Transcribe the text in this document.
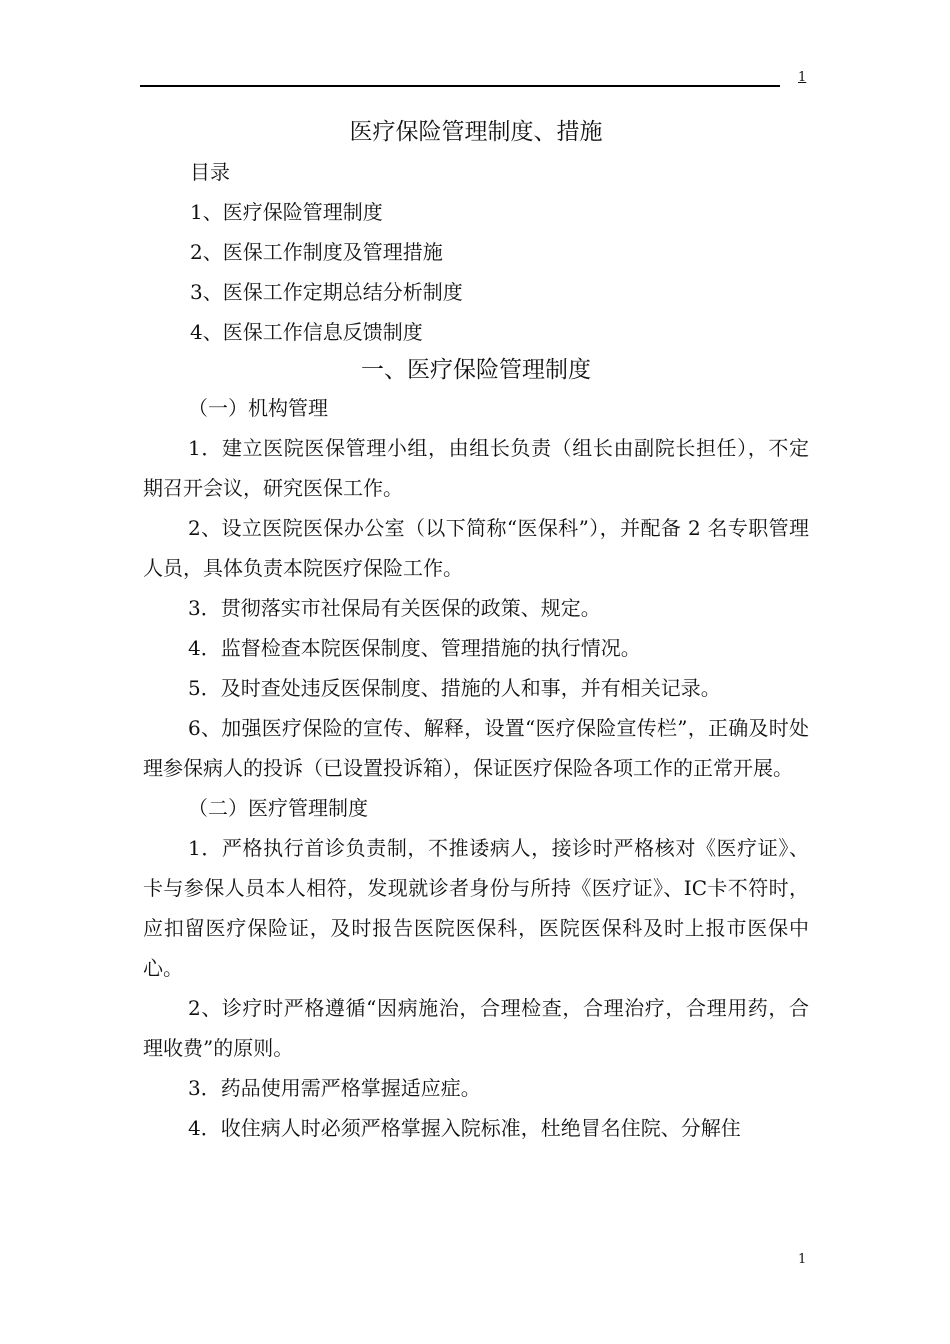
1
医疗保险管理制度、措施

目录

1、医疗保险管理制度

2、医保工作制度及管理措施

3、医保工作定期总结分析制度

4、医保工作信息反馈制度

一、医疗保险管理制度

（一）机构管理

1．建立医院医保管理小组，由组长负责（组长由副院长担任），不定期召开会议，研究医保工作。

2、设立医院医保办公室（以下简称“医保科”），并配备 2 名专职管理人员，具体负责本院医疗保险工作。

3．贯彻落实市社保局有关医保的政策、规定。

4．监督检查本院医保制度、管理措施的执行情况。

5．及时查处违反医保制度、措施的人和事，并有相关记录。

6、加强医疗保险的宣传、解释，设置“医疗保险宣传栏”，正确及时处理参保病人的投诉（已设置投诉箱），保证医疗保险各项工作的正常开展。

（二）医疗管理制度

1．严格执行首诊负责制，不推诿病人，接诊时严格核对《医疗证》、卡与参保人员本人相符，发现就诊者身份与所持《医疗证》、IC卡不符时，应扣留医疗保险证，及时报告医院医保科，医院医保科及时上报市医保中心。

2、诊疗时严格遵循“因病施治，合理检查，合理治疗，合理用药，合理收费”的原则。

3．药品使用需严格掌握适应症。

4．收住病人时必须严格掌握入院标准，杜绝冒名住院、分解住

1
